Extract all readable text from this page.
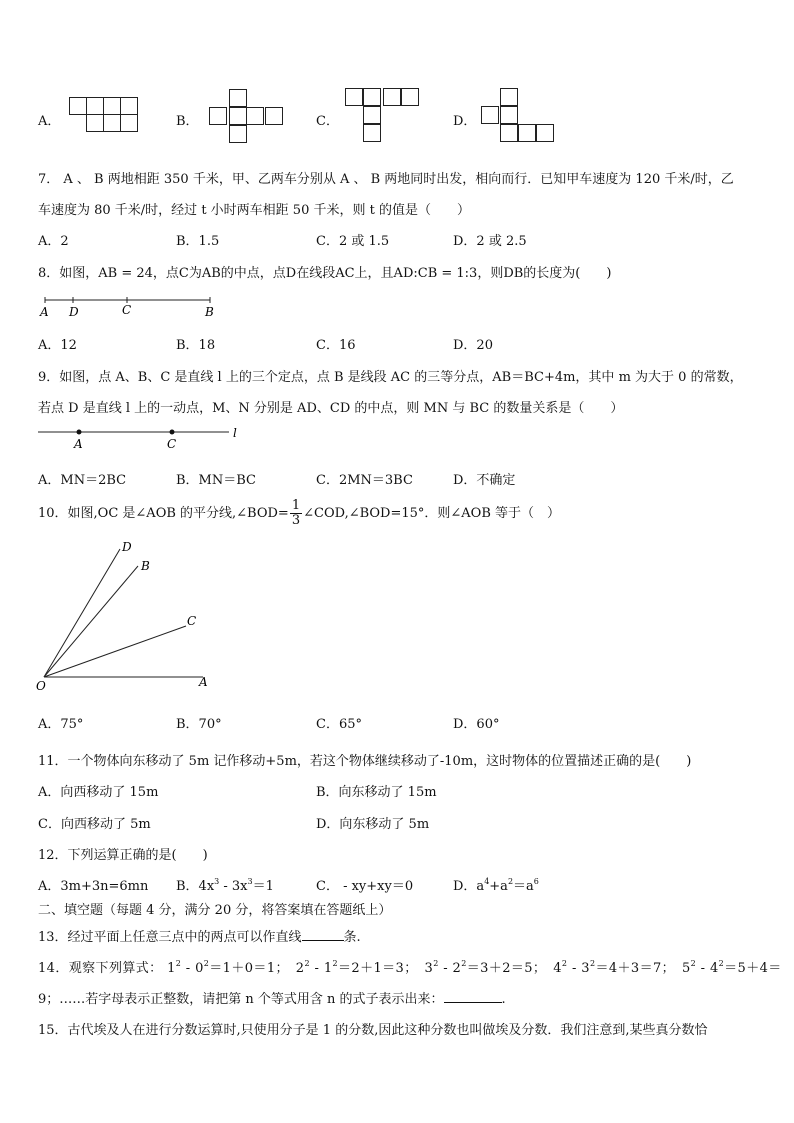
A．	B．	C．	D．
7． A 、 B 两地相距 350 千米，甲、乙两车分别从 A 、 B 两地同时出发，相向而行．已知甲车速度为 120 千米/时，乙
车速度为 80 千米/时，经过 t 小时两车相距 50 千米，则 t 的值是（　　）
A．2	B．1.5	C．2 或 1.5	D．2 或 2.5
8．如图，AB = 24，点C为AB的中点，点D在线段AC上，且AD:CB = 1:3，则DB的长度为(　　)
A D	C	B
A．12	B．18	C．16	D．20
9．如图，点 A、B、C 是直线 l 上的三个定点，点 B 是线段 AC 的三等分点，AB＝BC+4m，其中 m 为大于 0 的常数，
若点 D 是直线 l 上的一动点，M、N 分别是 AD、CD 的中点，则 MN 与 BC 的数量关系是（　　）
A	C
l
A．MN＝2BC	B．MN＝BC	C．2MN＝3BC	D．不确定
10．如图,OC 是∠AOB 的平分线,∠BOD= $\frac{1}{3}$ ∠COD,∠BOD=15°．则∠AOB 等于（　）
D
B
C
O	A
A．75°	B．70°	C．65°	D．60°
11．一个物体向东移动了 5m 记作移动+5m，若这个物体继续移动了-10m，这时物体的位置描述正确的是(　　)
A．向西移动了 15m	B．向东移动了 15m
C．向西移动了 5m	D．向东移动了 5m
12．下列运算正确的是(　　)
A．3m+3n=6mn B．$4x^3 - 3x^3=1$	C． - xy+xy＝0	D．$a^4+a^2=a^6$
二、填空题（每题 4 分，满分 20 分，将答案填在答题纸上）
13．经过平面上任意三点中的两点可以作直线	条.
14．观察下列算式： $1^2 - 0^2=1+0=1$；　$2^2 - 1^2=2+1=3$；　$3^2 - 2^2=3+2=5$；　$4^2 - 3^2=4+3=7$；　$5^2 - 4^2=5+4=$
9；……若字母表示正整数，请把第 n 个等式用含 n 的式子表示出来：	.
15．古代埃及人在进行分数运算时,只使用分子是 1 的分数,因此这种分数也叫做埃及分数．我们注意到,某些真分数恰
